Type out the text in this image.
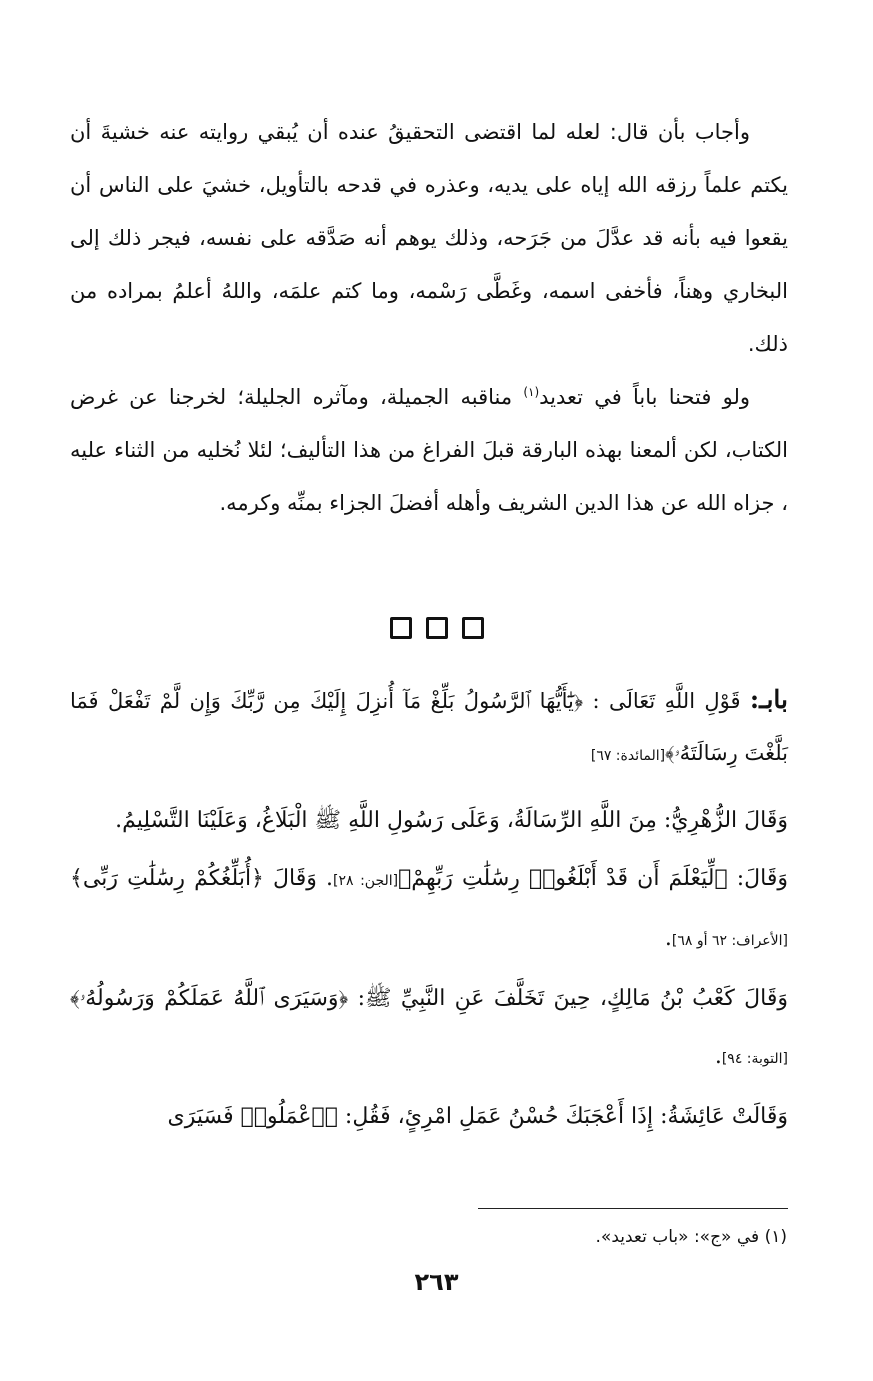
وأجاب بأن قال: لعله لما اقتضى التحقيقُ عنده أن يُبقي روايته عنه خشيةَ أن يكتم علماً رزقه الله إياه على يديه، وعذره في قدحه بالتأويل، خشيَ على الناس أن يقعوا فيه بأنه قد عدَّلَ من جَرَحه، وذلك يوهم أنه صَدَّقه على نفسه، فيجر ذلك إلى البخاري وهناً، فأخفى اسمه، وغَطَّى رَسْمه، وما كتم علمَه، واللهُ أعلمُ بمراده من ذلك.

ولو فتحنا باباً في تعديد$^{(١)}$ مناقبه الجميلة، ومآثره الجليلة؛ لخرجنا عن غرض الكتاب، لكن ألمعنا بهذه البارقة قبلَ الفراغ من هذا التأليف؛ لئلا نُخليه من الثناء عليه ، جزاه الله عن هذا الدين الشريف وأهله أفضلَ الجزاء بمنِّه وكرمه.

بابـ: قَوْلِ اللَّهِ تَعَالَى : ﴿يَٰٓأَيُّهَا ٱلرَّسُولُ بَلِّغْ مَآ أُنزِلَ إِلَيْكَ مِن رَّبِّكَ وَإِن لَّمْ تَفْعَلْ فَمَا بَلَّغْتَ رِسَالَتَهُۥ﴾[المائدة: ٦٧]

وَقَالَ الزُّهْرِيُّ: مِنَ اللَّهِ الرِّسَالَةُ، وَعَلَى رَسُولِ اللَّهِ ﷺ الْبَلَاغُ، وَعَلَيْنَا التَّسْلِيمُ.

وَقَالَ: ﴿لِّيَعْلَمَ أَن قَدْ أَبْلَغُوا۟ رِسَٰلَٰتِ رَبِّهِمْ﴾[الجن: ٢٨]. وَقَالَ ﴿أُبَلِّغُكُمْ رِسَٰلَٰتِ رَبِّى﴾[الأعراف: ٦٢ أو ٦٨].

وَقَالَ كَعْبُ بْنُ مَالِكٍ، حِينَ تَخَلَّفَ عَنِ النَّبِيِّ ﷺ: ﴿وَسَيَرَى ٱللَّهُ عَمَلَكُمْ وَرَسُولُهُۥ﴾[التوبة: ٩٤].

وَقَالَتْ عَائِشَةُ: إِذَا أَعْجَبَكَ حُسْنُ عَمَلِ امْرِئٍ، فَقُلِ: ﴿ٱعْمَلُوا۟ فَسَيَرَى

(١) في «ج»: «باب تعديد».
٢٦٣
